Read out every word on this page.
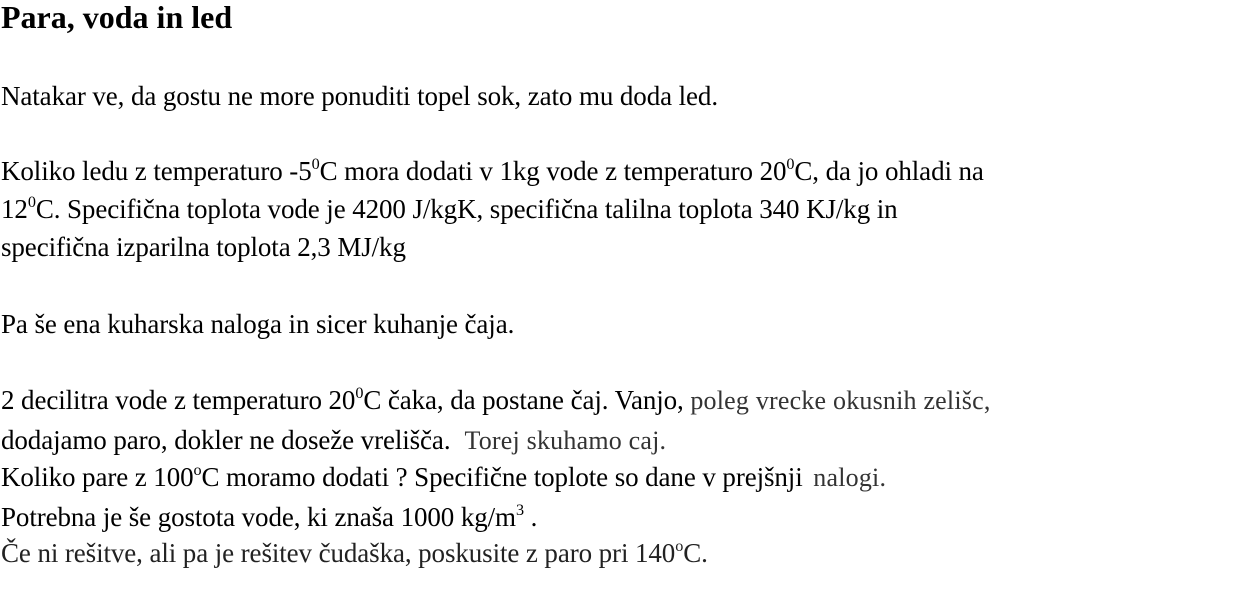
Para, voda in led
Natakar ve, da gostu ne more ponuditi topel sok, zato mu doda led.
Koliko ledu z temperaturo $-5^0C$ mora dodati v 1kg vode z temperaturo $20^0C$, da jo ohladi na
$12^0C$. Specifična toplota vode je 4200 J/kgK, specifična talilna toplota 340 KJ/kg in
specifična izparilna toplota 2,3 MJ/kg
Pa še ena kuharska naloga in sicer kuhanje čaja.
2 decilitra vode z temperaturo $20^0C$ čaka, da postane čaj. Vanjo, poleg vrecke okusnih zelišc,
dodajamo paro, dokler ne doseže vrelišča. Torej skuhamo caj.
Koliko pare z 100$^o$C moramo dodati ? Specifične toplote so dane v prejšnji nalogi.
Potrebna je še gostota vode, ki znaša 1000 $kg/m^3$ .
Če ni rešitve, ali pa je rešitev čudaška, poskusite z paro pri 140$^o$C.
